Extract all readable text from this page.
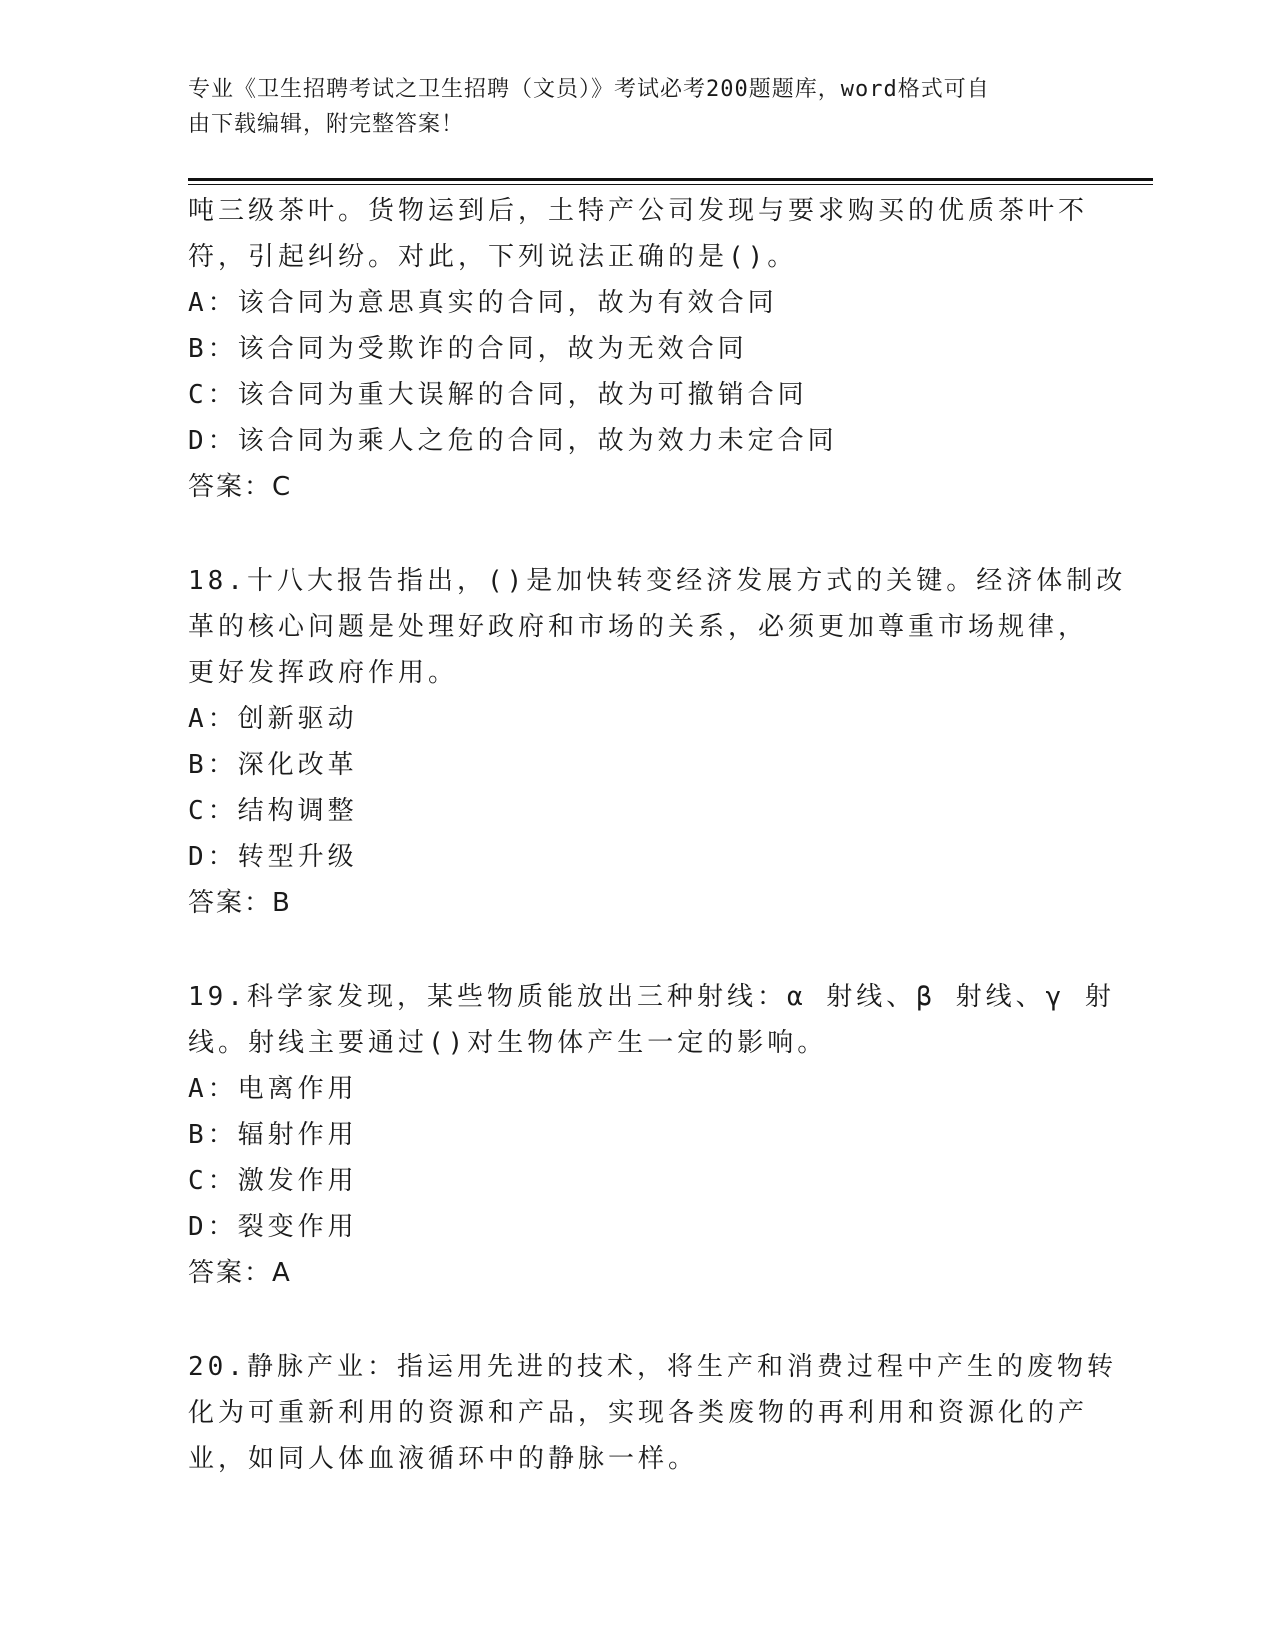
专业《卫生招聘考试之卫生招聘（文员）》考试必考200题题库，word格式可自
由下载编辑，附完整答案！
吨三级茶叶。货物运到后，土特产公司发现与要求购买的优质茶叶不
符，引起纠纷。对此，下列说法正确的是()。
A：该合同为意思真实的合同，故为有效合同
B：该合同为受欺诈的合同，故为无效合同
C：该合同为重大误解的合同，故为可撤销合同
D：该合同为乘人之危的合同，故为效力未定合同
答案：C
18.十八大报告指出，()是加快转变经济发展方式的关键。经济体制改
革的核心问题是处理好政府和市场的关系，必须更加尊重市场规律，
更好发挥政府作用。
A：创新驱动
B：深化改革
C：结构调整
D：转型升级
答案：B
19.科学家发现，某些物质能放出三种射线：α 射线、β 射线、γ 射
线。射线主要通过()对生物体产生一定的影响。
A：电离作用
B：辐射作用
C：激发作用
D：裂变作用
答案：A
20.静脉产业：指运用先进的技术，将生产和消费过程中产生的废物转
化为可重新利用的资源和产品，实现各类废物的再利用和资源化的产
业，如同人体血液循环中的静脉一样。
